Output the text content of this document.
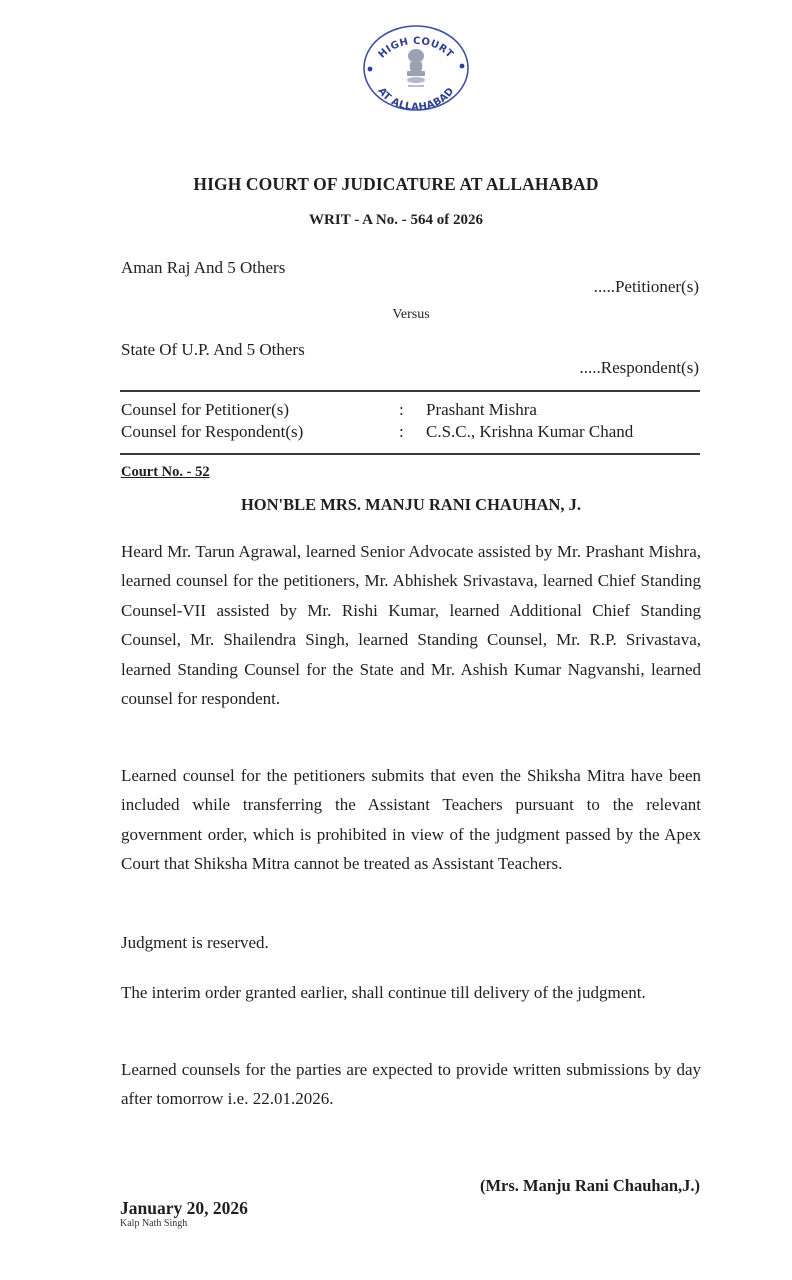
HIGH COURT
AT ALLAHABAD
HIGH COURT OF JUDICATURE AT ALLAHABAD
WRIT - A No. - 564 of 2026
Aman Raj And 5 Others
.....Petitioner(s)
Versus
State Of U.P. And 5 Others
.....Respondent(s)
Counsel for Petitioner(s)	: Prashant Mishra
Counsel for Respondent(s)	: C.S.C., Krishna Kumar Chand
Court No. - 52
HON'BLE MRS. MANJU RANI CHAUHAN, J.
Heard Mr. Tarun Agrawal, learned Senior Advocate assisted by Mr. Prashant Mishra, learned counsel for the petitioners, Mr. Abhishek Srivastava, learned Chief Standing Counsel-VII assisted by Mr. Rishi Kumar, learned Additional Chief Standing Counsel, Mr. Shailendra Singh, learned Standing Counsel, Mr. R.P. Srivastava, learned Standing Counsel for the State and Mr. Ashish Kumar Nagvanshi, learned counsel for respondent.
Learned counsel for the petitioners submits that even the Shiksha Mitra have been included while transferring the Assistant Teachers pursuant to the relevant government order, which is prohibited in view of the judgment passed by the Apex Court that Shiksha Mitra cannot be treated as Assistant Teachers.
Judgment is reserved.
The interim order granted earlier, shall continue till delivery of the judgment.
Learned counsels for the parties are expected to provide written submissions by day after tomorrow i.e. 22.01.2026.
(Mrs. Manju Rani Chauhan,J.)
January 20, 2026
Kalp Nath Singh
